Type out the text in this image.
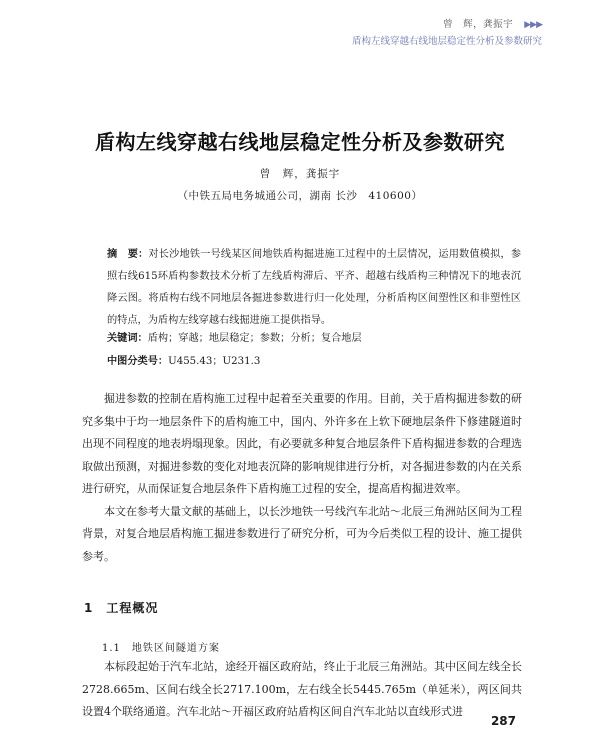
曾　辉，龚振宇 ▶▶▶
盾构左线穿越右线地层稳定性分析及参数研究
盾构左线穿越右线地层稳定性分析及参数研究
曾　辉，龚振宇
（中铁五局电务城通公司，湖南 长沙　410600）
摘　要：对长沙地铁一号线某区间地铁盾构掘进施工过程中的土层情况，运用数值模拟，参照右线615环盾构参数技术分析了左线盾构滞后、平齐、超越右线盾构三种情况下的地表沉降云图。将盾构右线不同地层各掘进参数进行归一化处理，分析盾构区间塑性区和非塑性区的特点，为盾构左线穿越右线掘进施工提供指导。
关键词：盾构；穿越；地层稳定；参数；分析；复合地层
中图分类号：U455.43；U231.3

掘进参数的控制在盾构施工过程中起着至关重要的作用。目前，关于盾构掘进参数的研究多集中于均一地层条件下的盾构施工中，国内、外许多在上软下硬地层条件下修建隧道时出现不同程度的地表坍塌现象。因此，有必要就多种复合地层条件下盾构掘进参数的合理选取做出预测，对掘进参数的变化对地表沉降的影响规律进行分析，对各掘进参数的内在关系进行研究，从而保证复合地层条件下盾构施工过程的安全，提高盾构掘进效率。

本文在参考大量文献的基础上，以长沙地铁一号线汽车北站～北辰三角洲站区间为工程背景，对复合地层盾构施工掘进参数进行了研究分析，可为今后类似工程的设计、施工提供参考。

1　工程概况
1.1　地铁区间隧道方案

本标段起始于汽车北站，途经开福区政府站，终止于北辰三角洲站。其中区间左线全长2728.665m、区间右线全长2717.100m，左右线全长5445.765m（单延米），两区间共设置4个联络通道。汽车北站～开福区政府站盾构区间自汽车北站以直线形式进

287
